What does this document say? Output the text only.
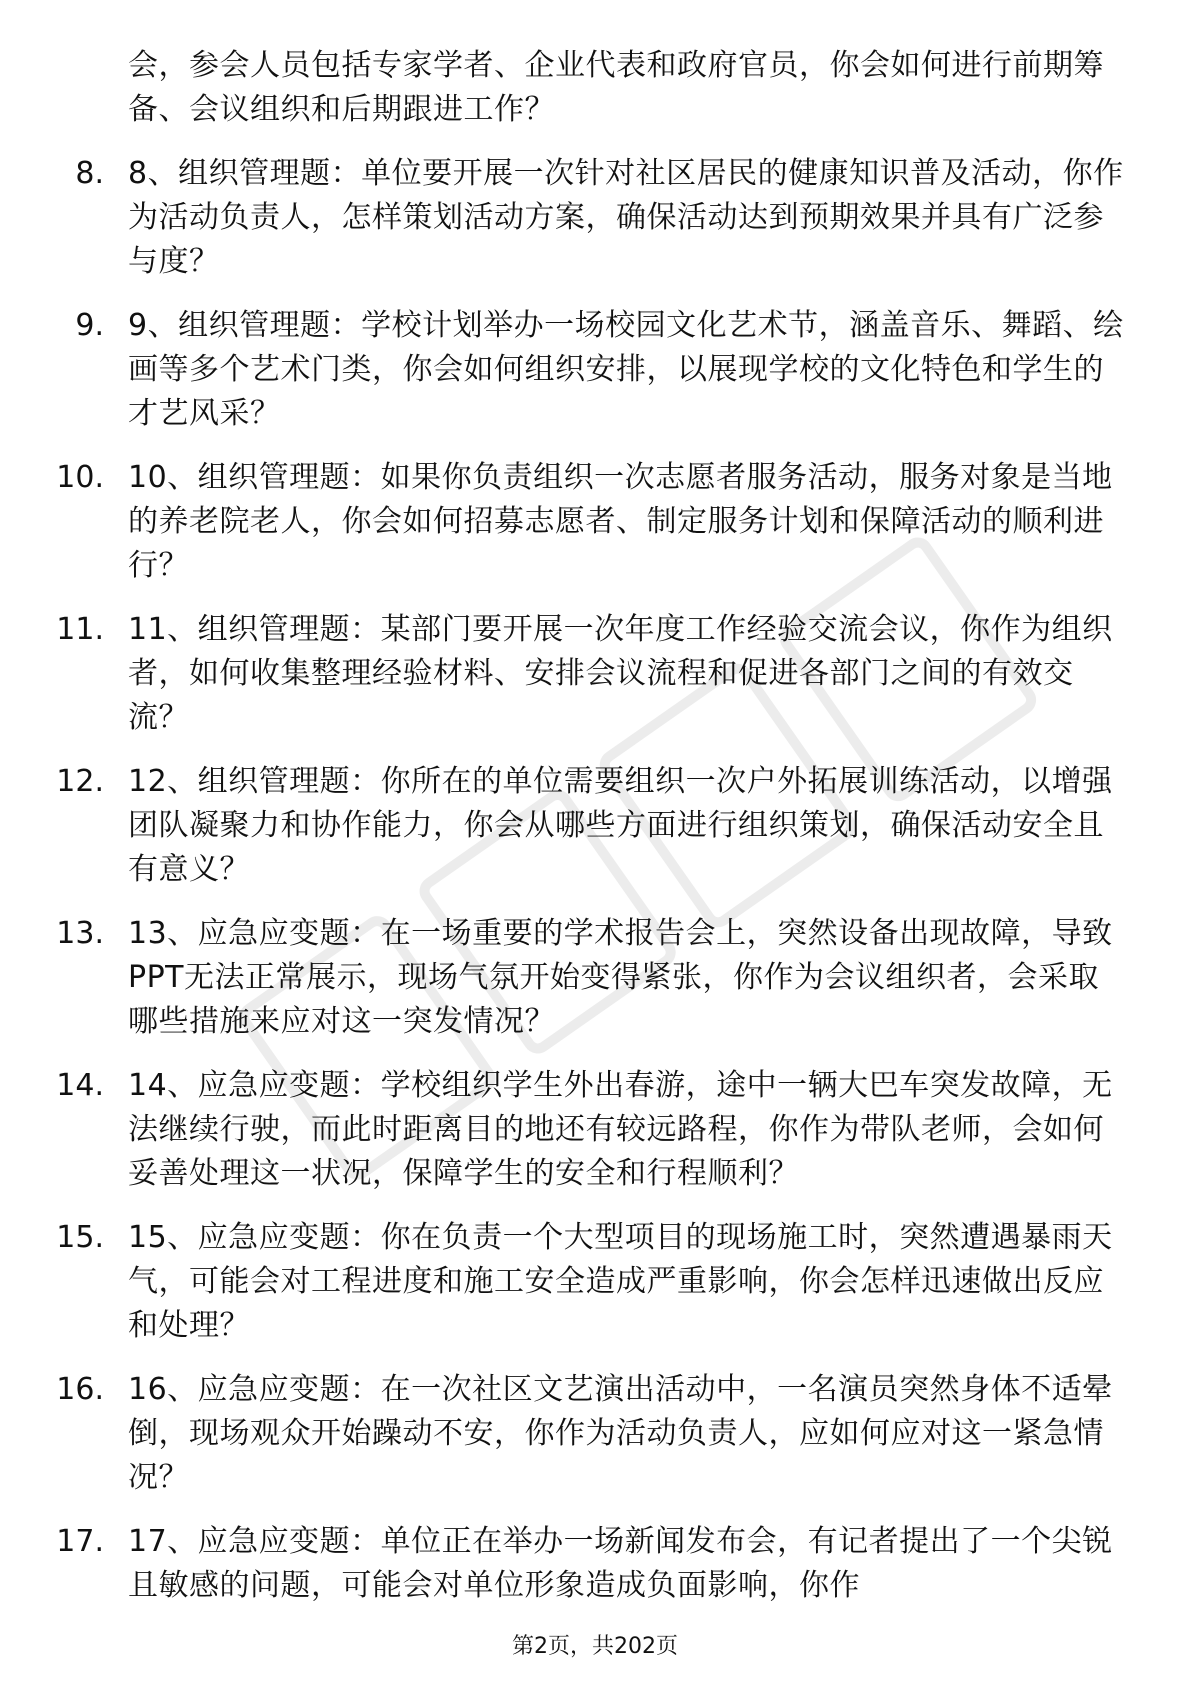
会，参会人员包括专家学者、企业代表和政府官员，你会如何进行前期筹备、会议组织和后期跟进工作？
8. 8、组织管理题：单位要开展一次针对社区居民的健康知识普及活动，你作为活动负责人，怎样策划活动方案，确保活动达到预期效果并具有广泛参与度？
9. 9、组织管理题：学校计划举办一场校园文化艺术节，涵盖音乐、舞蹈、绘画等多个艺术门类，你会如何组织安排，以展现学校的文化特色和学生的才艺风采？
10. 10、组织管理题：如果你负责组织一次志愿者服务活动，服务对象是当地的养老院老人，你会如何招募志愿者、制定服务计划和保障活动的顺利进行？
11. 11、组织管理题：某部门要开展一次年度工作经验交流会议，你作为组织者，如何收集整理经验材料、安排会议流程和促进各部门之间的有效交流？
12. 12、组织管理题：你所在的单位需要组织一次户外拓展训练活动，以增强团队凝聚力和协作能力，你会从哪些方面进行组织策划，确保活动安全且有意义？
13. 13、应急应变题：在一场重要的学术报告会上，突然设备出现故障，导致PPT无法正常展示，现场气氛开始变得紧张，你作为会议组织者，会采取哪些措施来应对这一突发情况？
14. 14、应急应变题：学校组织学生外出春游，途中一辆大巴车突发故障，无法继续行驶，而此时距离目的地还有较远路程，你作为带队老师，会如何妥善处理这一状况，保障学生的安全和行程顺利？
15. 15、应急应变题：你在负责一个大型项目的现场施工时，突然遭遇暴雨天气，可能会对工程进度和施工安全造成严重影响，你会怎样迅速做出反应和处理？
16. 16、应急应变题：在一次社区文艺演出活动中，一名演员突然身体不适晕倒，现场观众开始躁动不安，你作为活动负责人，应如何应对这一紧急情况？
17. 17、应急应变题：单位正在举办一场新闻发布会，有记者提出了一个尖锐且敏感的问题，可能会对单位形象造成负面影响，你作
第2页，共202页
